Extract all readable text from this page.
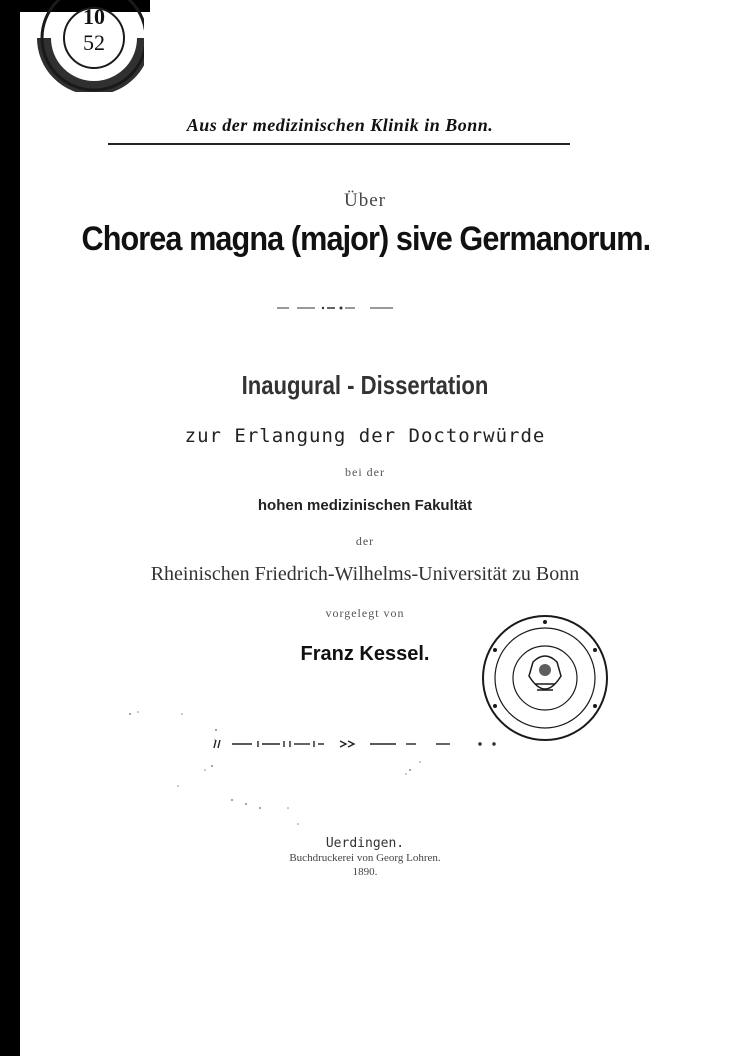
10
52
Aus der medizinischen Klinik in Bonn.
Über
Chorea magna (major) sive Germanorum.
Inaugural - Dissertation
zur Erlangung der Doctorwürde
bei der
hohen medizinischen Fakultät
der
Rheinischen Friedrich-Wilhelms-Universität zu Bonn
vorgelegt von
Franz Kessel.
Uerdingen.
Buchdruckerei von Georg Lohren.
1890.
